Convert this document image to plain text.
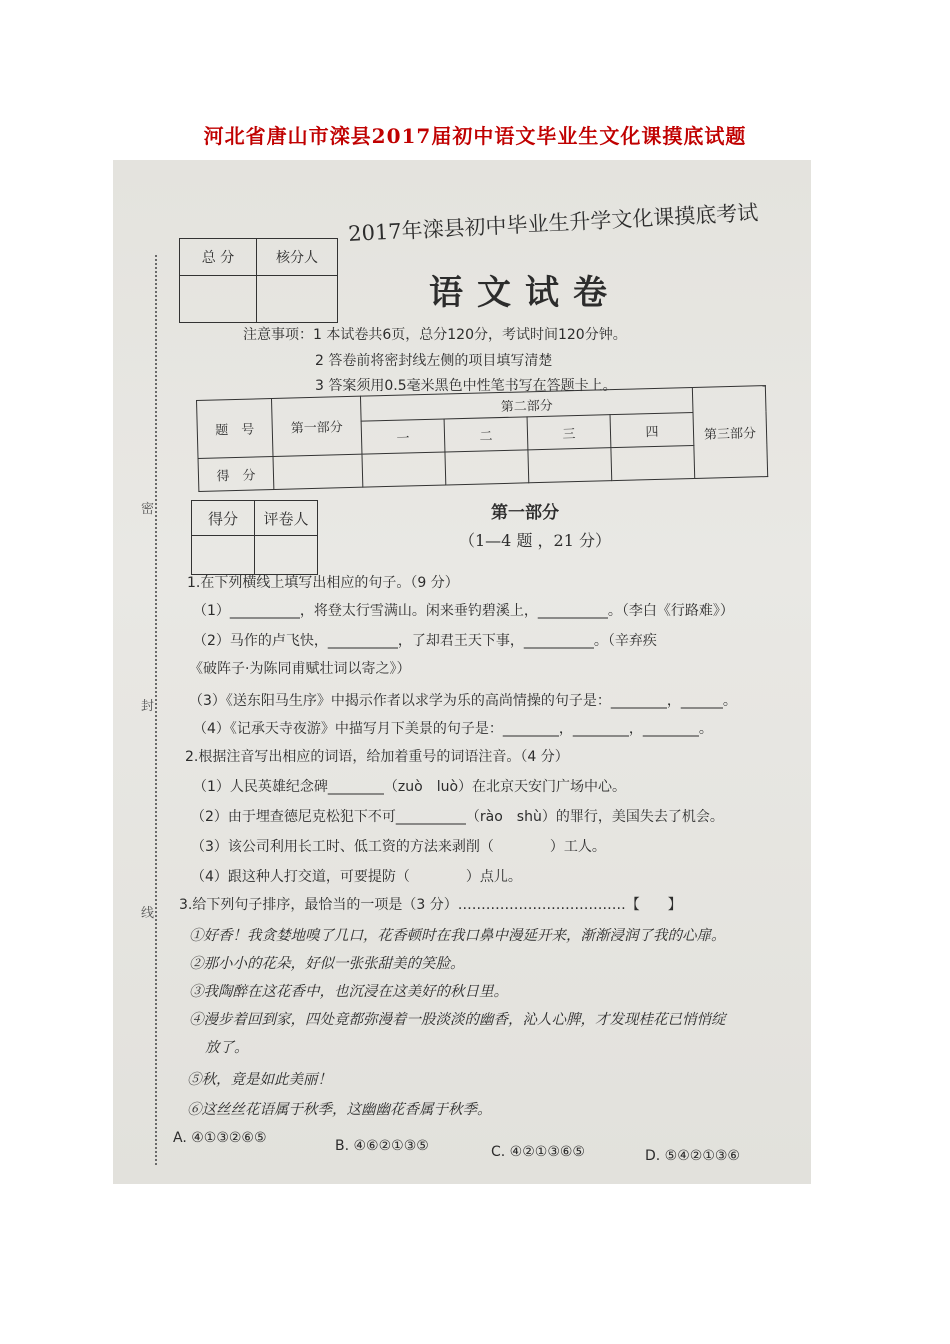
河北省唐山市滦县2017届初中语文毕业生文化课摸底试题
密
封
线
总 分	核分人

2017年滦县初中毕业生升学文化课摸底考试
语文试卷
注意事项：1 本试卷共6页，总分120分，考试时间120分钟。
2 答卷前将密封线左侧的项目填写清楚
3 答案须用0.5毫米黑色中性笔书写在答题卡上。
题　号	第一部分	第二部分				第三部分
		一	二	三	四	
得　分						
得分	评卷人
		第一部分
（1—4 题 ，21 分）
1.在下列横线上填写出相应的句子。（9 分）
（1）__________，将登太行雪满山。闲来垂钓碧溪上，__________。（李白《行路难》）
（2）马作的卢飞快，__________，了却君王天下事，__________。（辛弃疾
《破阵子·为陈同甫赋壮词以寄之》）
（3）《送东阳马生序》中揭示作者以求学为乐的高尚情操的句子是：________，______。
（4）《记承天寺夜游》中描写月下美景的句子是：________，________，________。
2.根据注音写出相应的词语，给加着重号的词语注音。（4 分）
（1）人民英雄纪念碑________（zuò　luò）在北京天安门广场中心。
（2）由于埋查德尼克松犯下不可__________（rào　shù）的罪行，美国失去了机会。
（3）该公司利用长工时、低工资的方法来剥削（　　　　）工人。
（4）跟这种人打交道，可要提防（　　　　）点儿。
3.给下列句子排序，最恰当的一项是（3 分）………………………………【　　】
①好香！我贪婪地嗅了几口，花香顿时在我口鼻中漫延开来，渐渐浸润了我的心扉。
②那小小的花朵，好似一张张甜美的笑脸。
③我陶醉在这花香中，也沉浸在这美好的秋日里。
④漫步着回到家，四处竟都弥漫着一股淡淡的幽香，沁人心脾，才发现桂花已悄悄绽
放了。
⑤秋，竟是如此美丽！
⑥这丝丝花语属于秋季，这幽幽花香属于秋季。
A. ④①③②⑥⑤	B. ④⑥②①③⑤	C. ④②①③⑥⑤	D. ⑤④②①③⑥
